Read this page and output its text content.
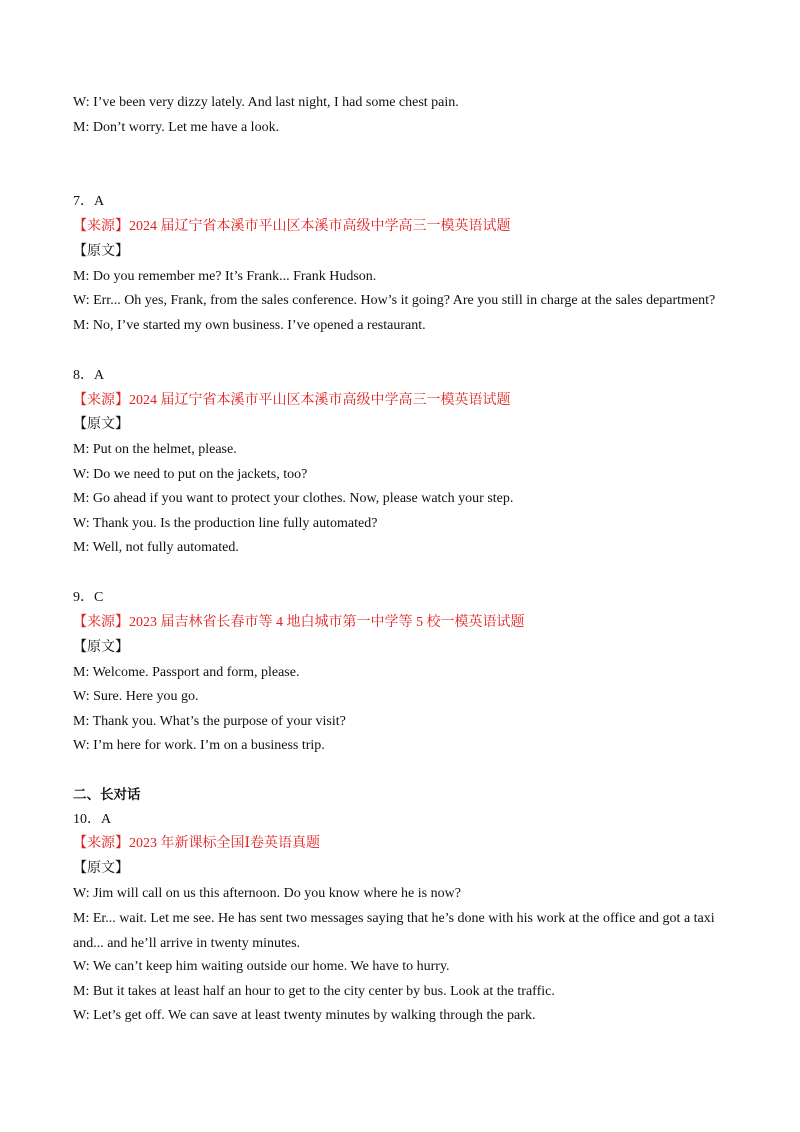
W: I’ve been very dizzy lately. And last night, I had some chest pain.
M: Don’t worry. Let me have a look.
7．A
【来源】2024 届辽宁省本溪市平山区本溪市高级中学高三一模英语试题
【原文】
M: Do you remember me? It’s Frank... Frank Hudson.
W: Err... Oh yes, Frank, from the sales conference. How’s it going? Are you still in charge at the sales department?
M: No, I’ve started my own business. I’ve opened a restaurant.
8．A
【来源】2024 届辽宁省本溪市平山区本溪市高级中学高三一模英语试题
【原文】
M: Put on the helmet, please.
W: Do we need to put on the jackets, too?
M: Go ahead if you want to protect your clothes. Now, please watch your step.
W: Thank you. Is the production line fully automated?
M: Well, not fully automated.
9．C
【来源】2023 届吉林省长春市等 4 地白城市第一中学等 5 校一模英语试题
【原文】
M: Welcome. Passport and form, please.
W: Sure. Here you go.
M: Thank you. What’s the purpose of your visit?
W: I’m here for work. I’m on a business trip.
二、长对话
10．A
【来源】2023 年新课标全国Ⅰ卷英语真题
【原文】
W: Jim will call on us this afternoon. Do you know where he is now?
M: Er... wait. Let me see. He has sent two messages saying that he’s done with his work at the office and got a taxi and... and he’ll arrive in twenty minutes.
W: We can’t keep him waiting outside our home. We have to hurry.
M: But it takes at least half an hour to get to the city center by bus. Look at the traffic.
W: Let’s get off. We can save at least twenty minutes by walking through the park.
